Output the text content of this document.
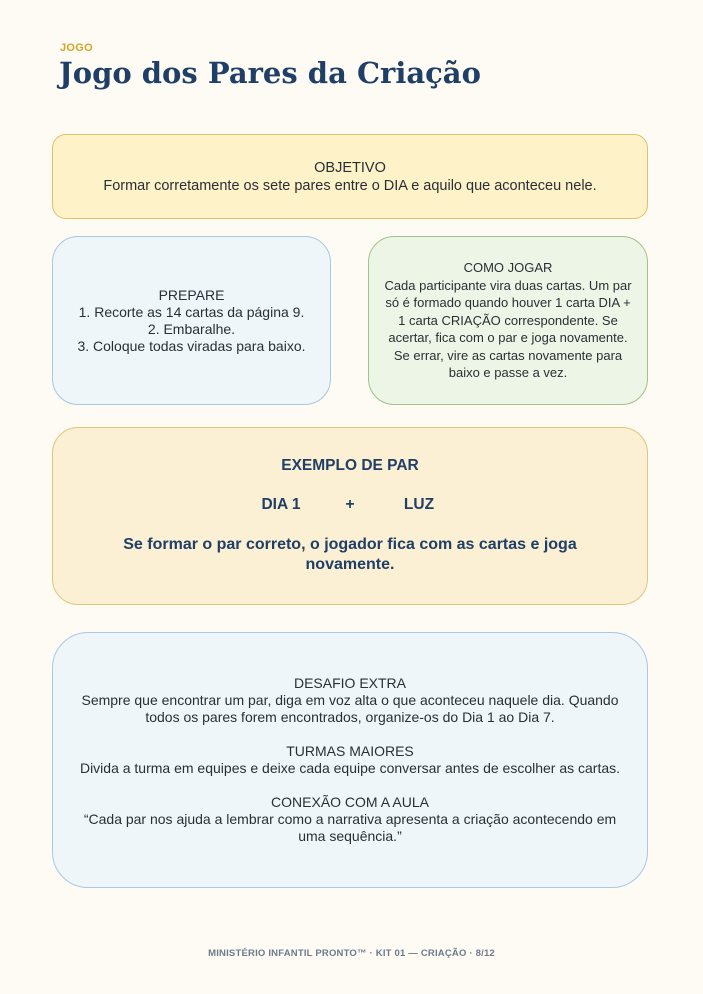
JOGO
Jogo dos Pares da Criação

OBJETIVO

Formar corretamente os sete pares entre o DIA e aquilo que aconteceu nele.

PREPARE

1. Recorte as 14 cartas da página 9.

2. Embaralhe.

3. Coloque todas viradas para baixo.

COMO JOGAR

Cada participante vira duas cartas. Um par só é formado quando houver 1 carta DIA + 1 carta CRIAÇÃO correspondente. Se acertar, fica com o par e joga novamente. Se errar, vire as cartas novamente para baixo e passe a vez.

EXEMPLO DE PAR

DIA 1	+	LUZ

Se formar o par correto, o jogador fica com as cartas e joga novamente.

DESAFIO EXTRA

Sempre que encontrar um par, diga em voz alta o que aconteceu naquele dia. Quando todos os pares forem encontrados, organize-os do Dia 1 ao Dia 7.

TURMAS MAIORES

Divida a turma em equipes e deixe cada equipe conversar antes de escolher as cartas.

CONEXÃO COM A AULA

“Cada par nos ajuda a lembrar como a narrativa apresenta a criação acontecendo em uma sequência.”

MINISTÉRIO INFANTIL PRONTO™ · KIT 01 — CRIAÇÃO · 8/12
